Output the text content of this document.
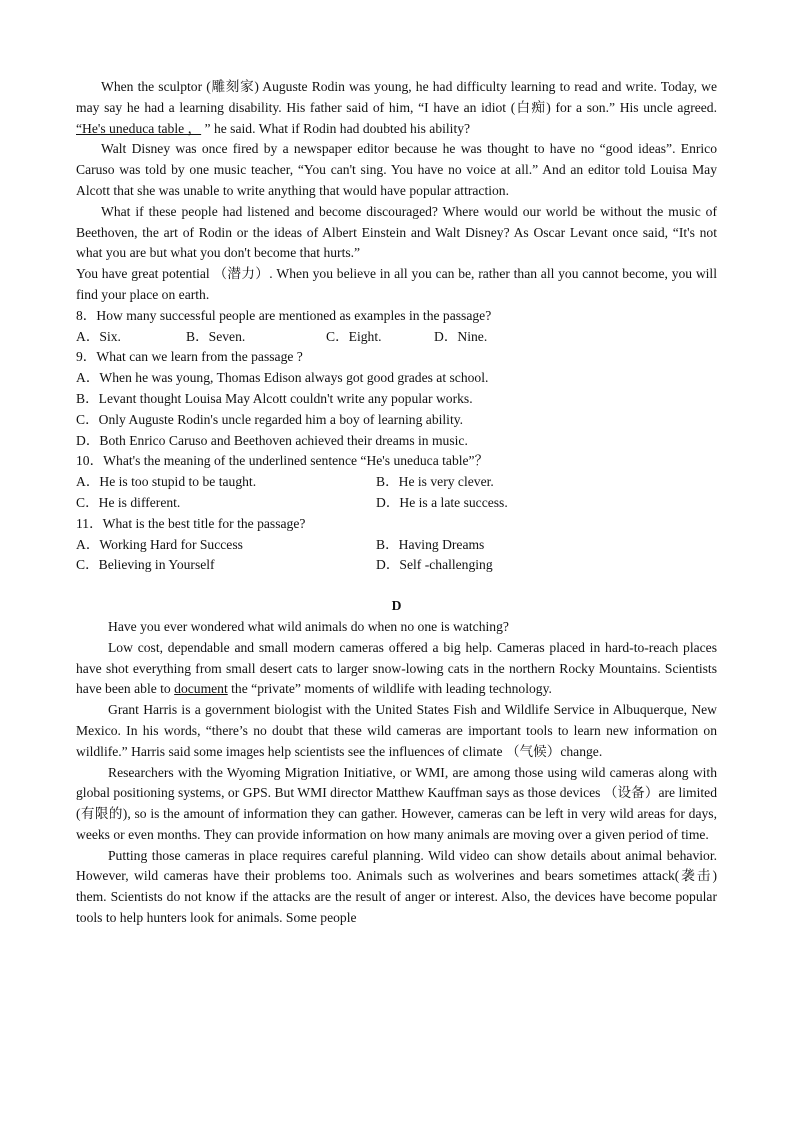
When the sculptor (雕刻家) Auguste Rodin was young, he had difficulty learning to read and write. Today, we may say he had a learning disability. His father said of him, “I have an idiot (白痴) for a son.” His uncle agreed. “He's uneduca table ， ” he said. What if Rodin had doubted his ability?

Walt Disney was once fired by a newspaper editor because he was thought to have no “good ideas”. Enrico Caruso was told by one music teacher, “You can't sing. You have no voice at all.” And an editor told Louisa May Alcott that she was unable to write anything that would have popular attraction.

What if these people had listened and become discouraged? Where would our world be without the music of Beethoven, the art of Rodin or the ideas of Albert Einstein and Walt Disney? As Oscar Levant once said, “It's not what you are but what you don't become that hurts.”

You have great potential （潜力）. When you believe in all you can be, rather than all you cannot become, you will find your place on earth.

8．How many successful people are mentioned as examples in the passage?

A．Six.	B．Seven.	C．Eight.	D．Nine.

9．What can we learn from the passage ?

A．When he was young, Thomas Edison always got good grades at school.

B．Levant thought Louisa May Alcott couldn't write any popular works.

C．Only Auguste Rodin's uncle regarded him a boy of learning ability.

D．Both Enrico Caruso and Beethoven achieved their dreams in music.

10．What's the meaning of the underlined sentence “He's uneduca table”？

A．He is too stupid to be taught.	B．He is very clever.
C．He is different.	D．He is a late success.

11．What is the best title for the passage?

A．Working Hard for Success	B．Having Dreams
C．Believing in Yourself	D．Self -challenging

D

Have you ever wondered what wild animals do when no one is watching?

Low cost, dependable and small modern cameras offered a big help. Cameras placed in hard-to-reach places have shot everything from small desert cats to larger snow-lowing cats in the northern Rocky Mountains. Scientists have been able to document the “private” moments of wildlife with leading technology.

Grant Harris is a government biologist with the United States Fish and Wildlife Service in Albuquerque, New Mexico. In his words, “there’s no doubt that these wild cameras are important tools to learn new information on wildlife.” Harris said some images help scientists see the influences of climate （气候）change.

Researchers with the Wyoming Migration Initiative, or WMI, are among those using wild cameras along with global positioning systems, or GPS. But WMI director Matthew Kauffman says as those devices （设备）are limited (有限的), so is the amount of information they can gather. However, cameras can be left in very wild areas for days, weeks or even months. They can provide information on how many animals are moving over a given period of time.

Putting those cameras in place requires careful planning. Wild video can show details about animal behavior. However, wild cameras have their problems too. Animals such as wolverines and bears sometimes attack(袭击) them. Scientists do not know if the attacks are the result of anger or interest. Also, the devices have become popular tools to help hunters look for animals. Some people
